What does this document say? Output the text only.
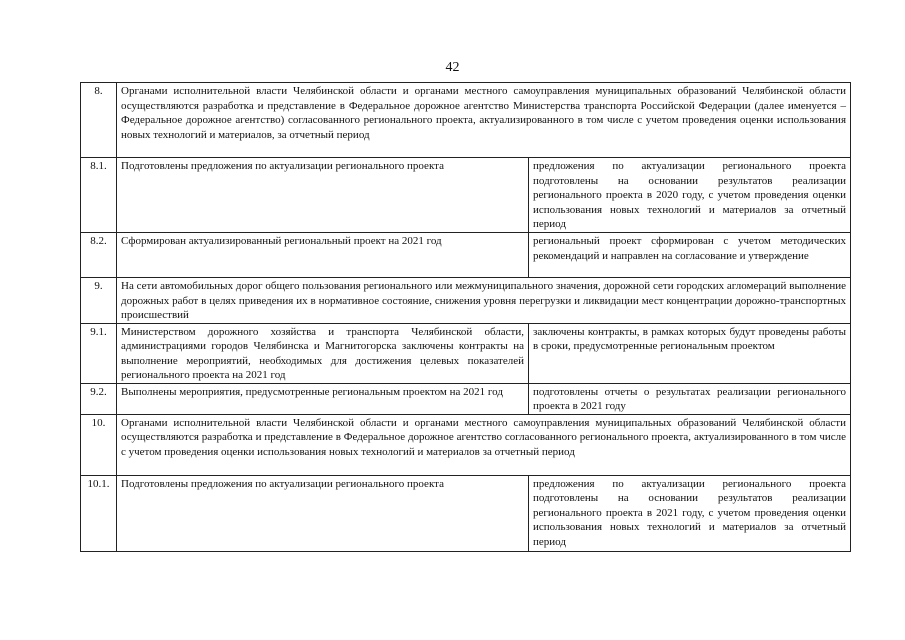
42
8.	Органами исполнительной власти Челябинской области и органами местного самоуправления муниципальных образований Челябинской области осуществляются разработка и представление в Федеральное дорожное агентство Министерства транспорта Российской Федерации (далее именуется – Федеральное дорожное агентство) согласованного регионального проекта, актуализированного в том числе с учетом проведения оценки использования новых технологий и материалов, за отчетный период	
8.1.	Подготовлены предложения по актуализации регионального проекта	предложения по актуализации регионального проекта подготовлены на основании результатов реализации регионального проекта в 2020 году, с учетом проведения оценки использования новых технологий и материалов за отчетный период
8.2.	Сформирован актуализированный региональный проект на 2021 год	региональный проект сформирован с учетом методических рекомендаций и направлен на согласование и утверждение
9.	На сети автомобильных дорог общего пользования регионального или межмуниципального значения, дорожной сети городских агломераций выполнение дорожных работ в целях приведения их в нормативное состояние, снижения уровня перегрузки и ликвидации мест концентрации дорожно-транспортных происшествий	
9.1.	Министерством дорожного хозяйства и транспорта Челябинской области, администрациями городов Челябинска и Магнитогорска заключены контракты на выполнение мероприятий, необходимых для достижения целевых показателей регионального проекта на 2021 год	заключены контракты, в рамках которых будут проведены работы в сроки, предусмотренные региональным проектом
9.2.	Выполнены мероприятия, предусмотренные региональным проектом на 2021 год	подготовлены отчеты о результатах реализации регионального проекта в 2021 году
10.	Органами исполнительной власти Челябинской области и органами местного самоуправления муниципальных образований Челябинской области осуществляются разработка и представление в Федеральное дорожное агентство согласованного регионального проекта, актуализированного в том числе с учетом проведения оценки использования новых технологий и материалов за отчетный период	
10.1.	Подготовлены предложения по актуализации регионального проекта	предложения по актуализации регионального проекта подготовлены на основании результатов реализации регионального проекта в 2021 году, с учетом проведения оценки использования новых технологий и материалов за отчетный период
